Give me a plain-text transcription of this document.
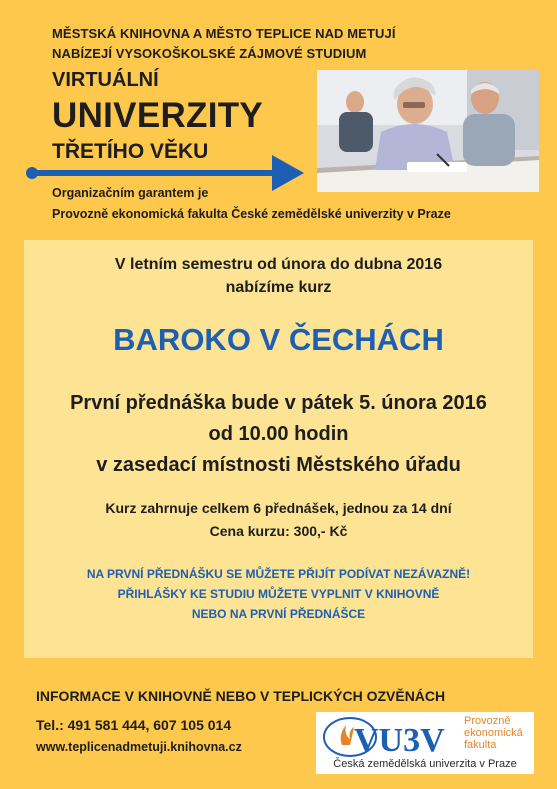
MĚSTSKÁ KNIHOVNA A MĚSTO TEPLICE NAD METUJÍ
NABÍZEJÍ VYSOKOŠKOLSKÉ ZÁJMOVÉ STUDIUM
VIRTUÁLNÍ
UNIVERZITY
TŘETÍHO VĚKU
Organizačním garantem je
Provozně ekonomická fakulta České zemědělské univerzity v Praze
V letním semestru od února do dubna 2016
nabízíme kurz
BAROKO V ČECHÁCH
První přednáška bude v pátek 5. února 2016
od 10.00 hodin
v zasedací místnosti Městského úřadu
Kurz zahrnuje celkem 6 přednášek, jednou za 14 dní
Cena kurzu: 300,- Kč
NA PRVNÍ PŘEDNÁŠKU SE MŮŽETE PŘIJÍT PODÍVAT NEZÁVAZNĚ!
PŘIHLÁŠKY KE STUDIU MŮŽETE VYPLNIT V KNIHOVNĚ
NEBO NA PRVNÍ PŘEDNÁŠCE
INFORMACE V KNIHOVNĚ NEBO V TEPLICKÝCH OZVĚNÁCH
Tel.: 491 581 444, 607 105 014
www.teplicenadmetuji.knihovna.cz	VU3V
Provozně
ekonomická
fakulta
Česká zemědělská univerzita v Praze
